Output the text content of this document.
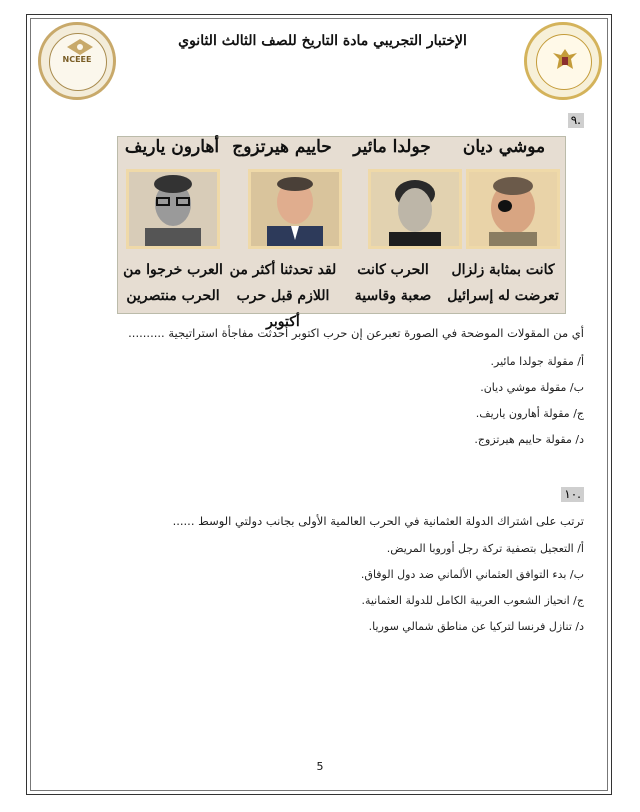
NCEEE
الإختبار التجريبي مادة التاريخ للصف الثالث الثانوي
.٩
موشي ديان
جولدا مائير
حاييم هيرتزوج
أهارون ياريف
كانت بمثابة زلزال
تعرضت له إسرائيل
الحرب كانت
صعبة وقاسية
لقد تحدثنا أكثر من
اللازم قبل حرب أكتوبر
العرب خرجوا من
الحرب منتصرين
أي من المقولات الموضحة في الصورة تعبرعن إن حرب اكتوبر أحدثت مفاجأة استراتيجية ..........
أ/ مقولة جولدا مائير.
ب/ مقولة موشي ديان.
ج/ مقولة أهارون ياريف.
د/ مقولة حاييم هيرتزوج.
.١٠
ترتب على اشتراك الدولة العثمانية في الحرب العالمية الأولى بجانب دولتي الوسط ......
أ/ التعجيل بتصفية تركة رجل أوروبا المريض.
ب/ بدء التوافق العثماني الألماني ضد دول الوفاق.
ج/ انحياز الشعوب العربية الكامل للدولة العثمانية.
د/ تنازل فرنسا لتركيا عن مناطق شمالي سوريا.
5
